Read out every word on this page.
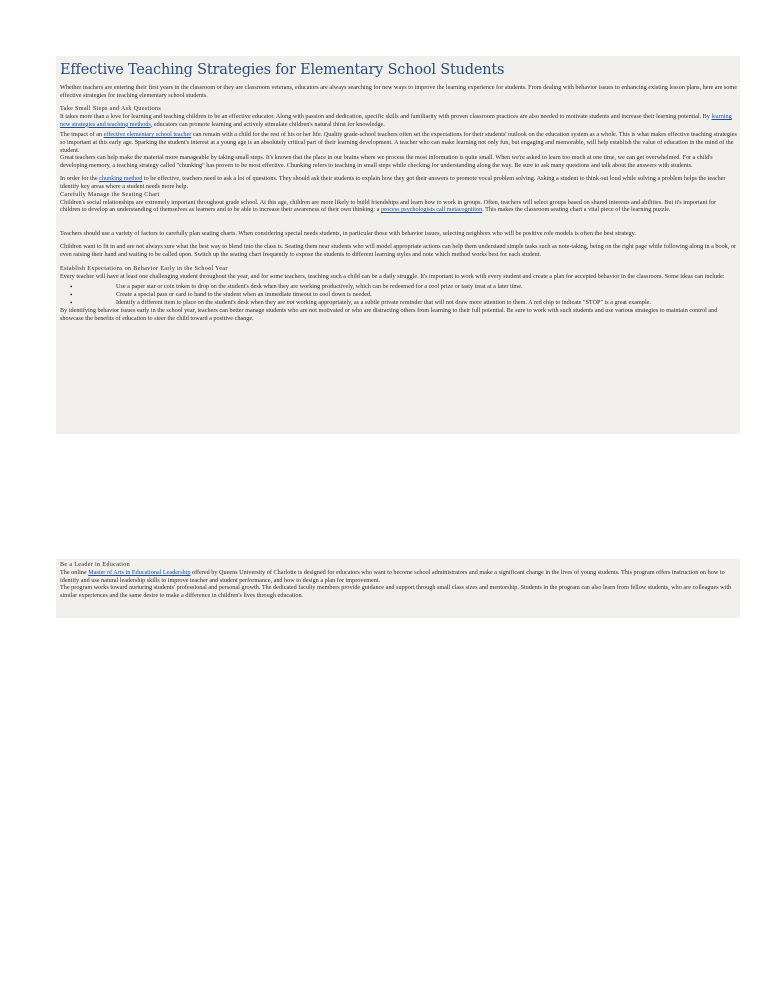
Effective Teaching Strategies for Elementary School Students

Whether teachers are entering their first years in the classroom or they are classroom veterans, educators are always searching for new ways to improve the learning experience for students. From dealing with behavior issues to enhancing existing lesson plans, here are some effective strategies for teaching elementary school students.

Take Small Steps and Ask Questions

It takes more than a love for learning and teaching children to be an effective educator. Along with passion and dedication, specific skills and familiarity with proven classroom practices are also needed to motivate students and increase their learning potential. By learning new strategies and teaching methods, educators can promote learning and actively stimulate children's natural thirst for knowledge.

The impact of an effective elementary school teacher can remain with a child for the rest of his or her life. Quality grade-school teachers often set the expectations for their students' outlook on the education system as a whole. This is what makes effective teaching strategies so important at this early age. Sparking the student's interest at a young age is an absolutely critical part of their learning development. A teacher who can make learning not only fun, but engaging and memorable, will help establish the value of education in the mind of the student.

Great teachers can help make the material more manageable by taking small steps. It's known that the place in our brains where we process the most information is quite small. When we're asked to learn too much at one time, we can get overwhelmed. For a child's developing memory, a teaching strategy called "chunking" has proven to be most effective. Chunking refers to teaching in small steps while checking for understanding along the way. Be sure to ask many questions and talk about the answers with students.

In order for the chunking method to be effective, teachers need to ask a lot of questions. They should ask their students to explain how they got their answers to promote vocal problem solving. Asking a student to think out loud while solving a problem helps the teacher identify key areas where a student needs more help.

Carefully Manage the Seating Chart

Children's social relationships are extremely important throughout grade school. At this age, children are more likely to build friendships and learn how to work in groups. Often, teachers will select groups based on shared interests and abilities. But it's important for children to develop an understanding of themselves as learners and to be able to increase their awareness of their own thinking: a process psychologists call metacognition. This makes the classroom seating chart a vital piece of the learning puzzle.

Teachers should use a variety of factors to carefully plan seating charts. When considering special needs students, in particular those with behavior issues, selecting neighbors who will be positive role models is often the best strategy.

Children want to fit in and are not always sure what the best way to blend into the class is. Seating them near students who will model appropriate actions can help them understand simple tasks such as note-taking, being on the right page while following along in a book, or even raising their hand and waiting to be called upon. Switch up the seating chart frequently to expose the students to different learning styles and note which method works best for each student.

Establish Expectations on Behavior Early in the School Year

Every teacher will have at least one challenging student throughout the year, and for some teachers, teaching such a child can be a daily struggle. It's important to work with every student and create a plan for accepted behavior in the classroom. Some ideas can include:

•	Use a paper star or coin token to drop on the student's desk when they are working productively, which can be redeemed for a cool prize or tasty treat at a later time.
•	Create a special pass or card to hand to the student when an immediate timeout to cool down is needed.
•	Identify a different item to place on the student's desk when they are not working appropriately, as a subtle private reminder that will not draw more attention to them. A red chip to indicate "STOP" is a great example.

By identifying behavior issues early in the school year, teachers can better manage students who are not motivated or who are distracting others from learning to their full potential. Be sure to work with such students and use various strategies to maintain control and showcase the benefits of education to steer the child toward a positive change.

Be a Leader in Education

The online Master of Arts in Educational Leadership offered by Queens University of Charlotte is designed for educators who want to become school administrators and make a significant change in the lives of young students. This program offers instruction on how to identify and use natural leadership skills to improve teacher and student performance, and how to design a plan for improvement.

The program works toward nurturing students' professional and personal growth. The dedicated faculty members provide guidance and support through small class sizes and mentorship. Students in the program can also learn from fellow students, who are colleagues with similar experiences and the same desire to make a difference in children's lives through education.
